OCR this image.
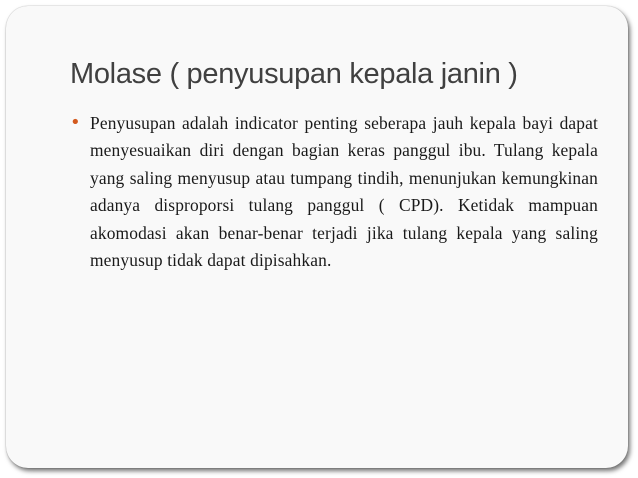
Molase ( penyusupan kepala janin )
• Penyusupan adalah indicator penting seberapa jauh kepala bayi dapat menyesuaikan diri dengan bagian keras panggul ibu. Tulang kepala yang saling menyusup atau tumpang tindih, menunjukan kemungkinan adanya disproporsi tulang panggul ( CPD). Ketidak mampuan akomodasi akan benar-benar terjadi jika tulang kepala yang saling menyusup tidak dapat dipisahkan.
